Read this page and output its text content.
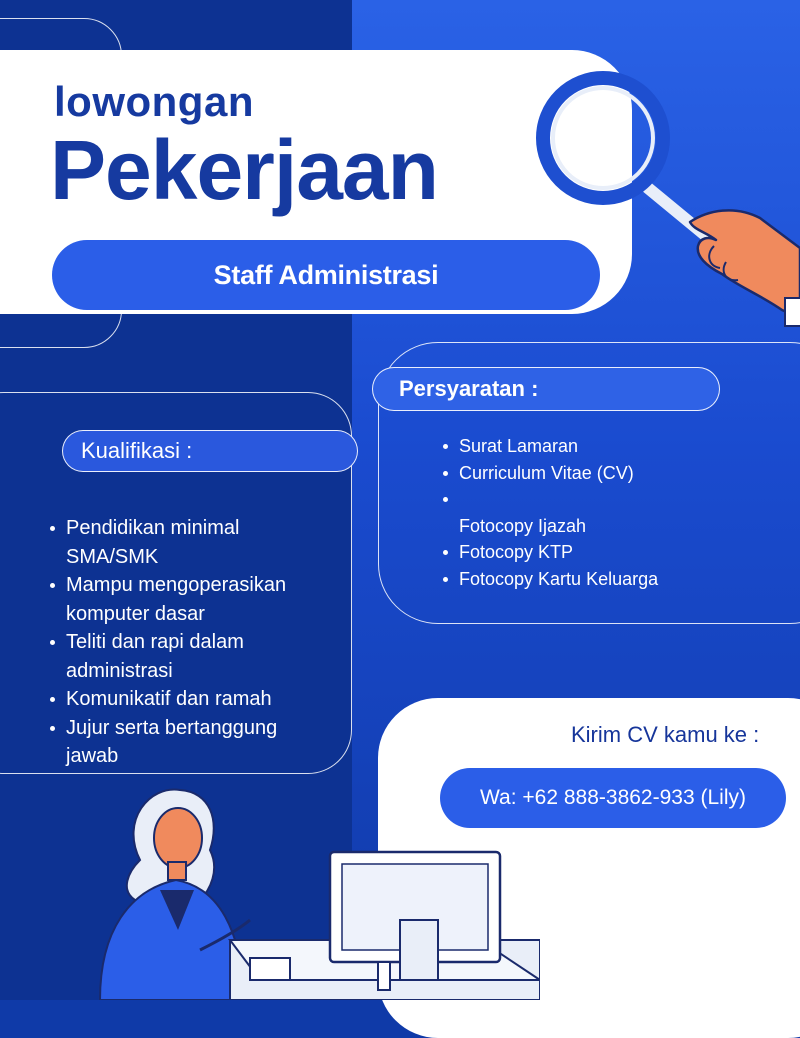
lowongan
Pekerjaan
Staff Administrasi
Persyaratan :
Surat Lamaran
Curriculum Vitae (CV)
Fotocopy Ijazah
Fotocopy KTP
Fotocopy Kartu Keluarga
Kualifikasi :
Pendidikan minimal SMA/SMK
Mampu mengoperasikan komputer dasar
Teliti dan rapi dalam administrasi
Komunikatif dan ramah
Jujur serta bertanggung jawab
Kirim CV kamu ke :
Wa: +62 888-3862-933 (Lily)
